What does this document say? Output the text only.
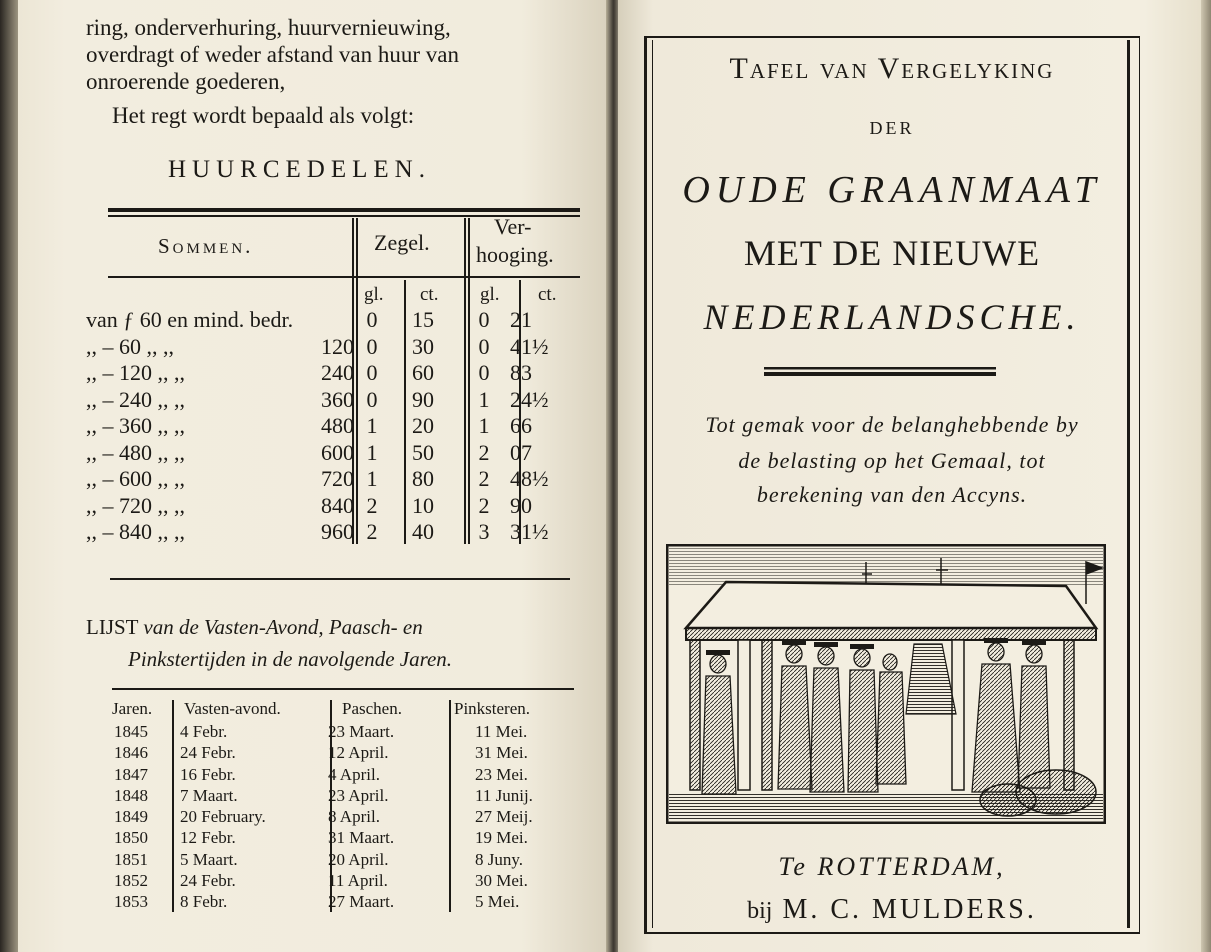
ring, onderverhuring, huurvernieuwing,
overdragt of weder afstand van huur van
onroerende goederen,
Het regt wordt bepaald als volgt:
HUURCEDELEN.
Sommen.	Zegel.
Ver-
hooging.
gl. ct. gl. ct.
van ƒ 60 en mind. bedr.	0	15	0 21
,, – 60 ,, ,,	120 0	30	0 41½
,, – 120 ,, ,,	240 0	60	0 83
,, – 240 ,, ,,	360 0	90	1 24½
,, – 360 ,, ,,	480 1	20	1 66
,, – 480 ,, ,,	600 1	50	2 07
,, – 600 ,, ,,	720 1	80	2 48½
,, – 720 ,, ,,	840 2	10	2 90
,, – 840 ,, ,,	960 2	40	3 31½
LIJST van de Vasten-Avond, Paasch- en
Pinkstertijden in de navolgende Jaren.
Jaren. Vasten-avond.	Paschen.	Pinksteren.
1845 4 Febr.	23 Maart.	11 Mei.
1846 24 Febr.	12 April.	31 Mei.
1847 16 Febr.	4 April.	23 Mei.
1848 7 Maart.	23 April.	11 Junij.
1849 20 February.	8 April.	27 Meij.
1850 12 Febr.	31 Maart.	19 Mei.
1851 5 Maart.	20 April.	8 Juny.
1852 24 Febr.	11 April.	30 Mei.
1853 8 Febr.	27 Maart.	5 Mei.
Tafel van Vergelyking
DER
OUDE GRAANMAAT
MET DE NIEUWE
NEDERLANDSCHE.
Tot gemak voor de belanghebbende by
de belasting op het Gemaal, tot
berekening van den Accyns.
Te ROTTERDAM,
bij M. C. MULDERS.
